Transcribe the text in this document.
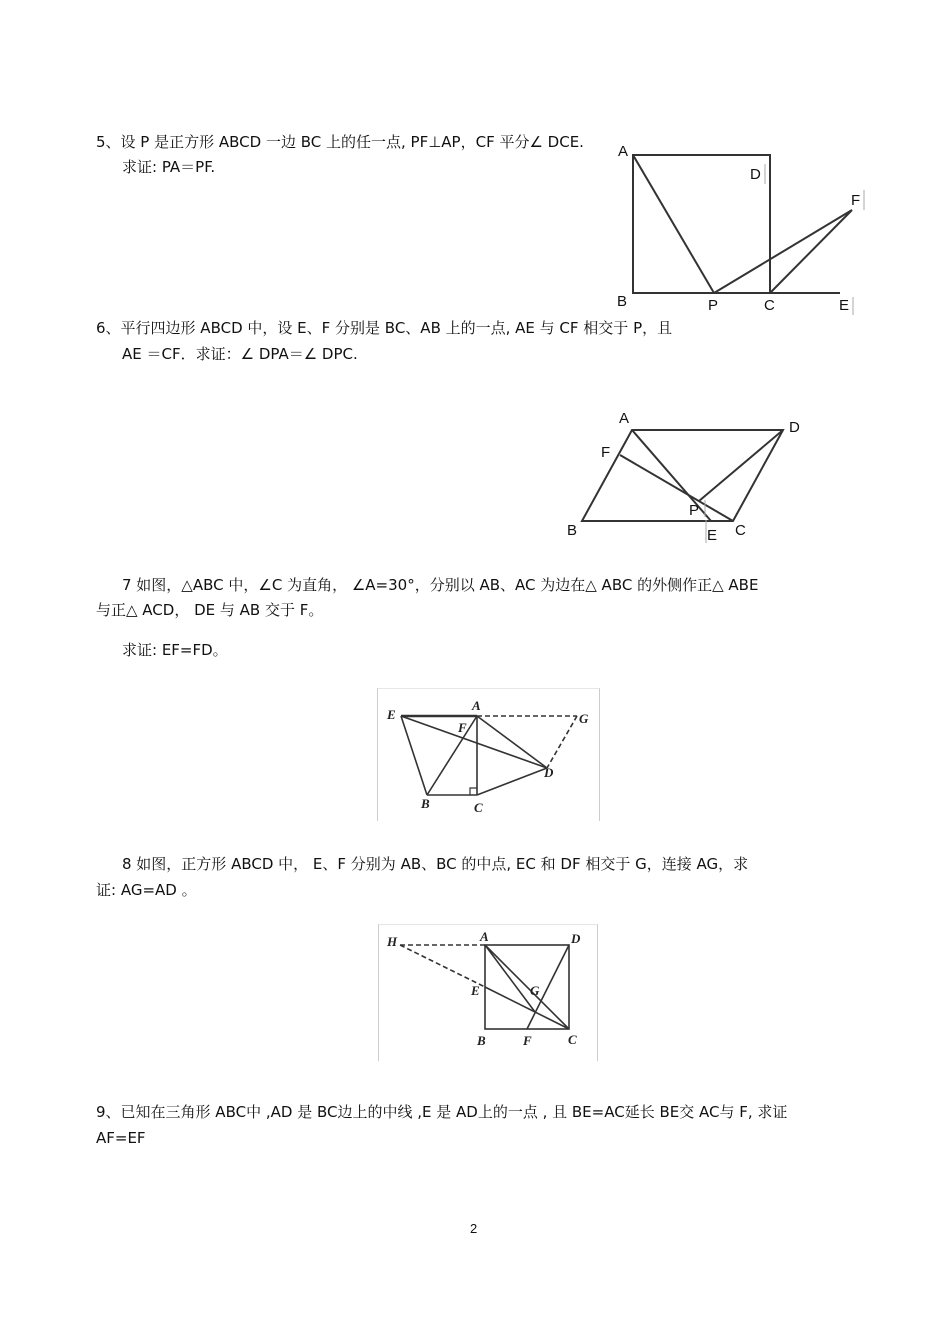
5、设 P 是正方形 ABCD 一边 BC 上的任一点, PF⊥AP，CF 平分∠ DCE.
求证: PA＝PF.
A
D
F
B	P	C	E
6、平行四边形 ABCD 中，设 E、F 分别是 BC、AB 上的一点, AE 与 CF 相交于 P，且
AE ＝CF．求证：∠ DPA＝∠ DPC.
A
D
F
P
B	E C
7 如图，△ABC 中，∠C 为直角， ∠A=30°，分别以 AB、AC 为边在△ ABC 的外侧作正△ ABE
与正△ ACD， DE 与 AB 交于 F。
求证: EF=FD。
E
A
G
F
D
B	C
8 如图，正方形 ABCD 中， E、F 分别为 AB、BC 的中点, EC 和 DF 相交于 G，连接 AG，求
证: AG=AD 。
H	A	D
E	G
B	F	C
9、已知在三角形 ABC中 ,AD 是 BC边上的中线 ,E 是 AD上的一点 , 且 BE=AC延长 BE交 AC与 F, 求证
AF=EF
2
